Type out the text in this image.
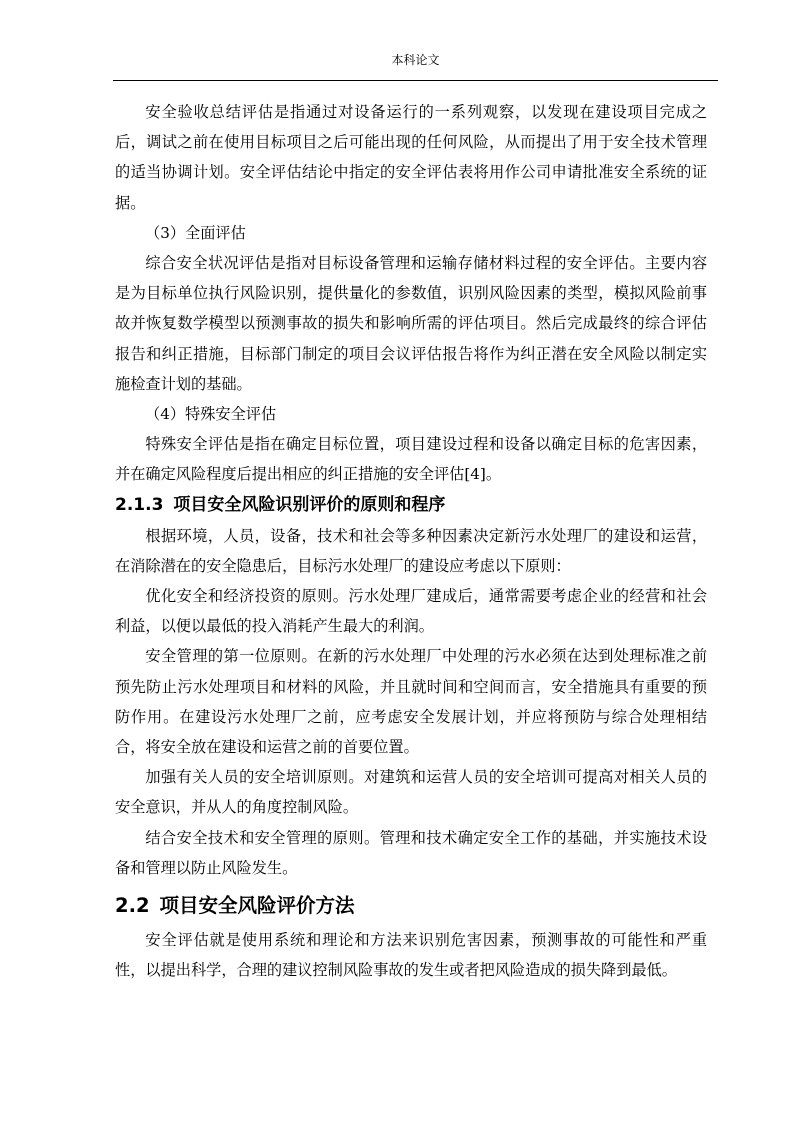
本科论文

安全验收总结评估是指通过对设备运行的一系列观察，以发现在建设项目完成之后，调试之前在使用目标项目之后可能出现的任何风险，从而提出了用于安全技术管理的适当协调计划。安全评估结论中指定的安全评估表将用作公司申请批准安全系统的证据。

（3）全面评估

综合安全状况评估是指对目标设备管理和运输存储材料过程的安全评估。主要内容是为目标单位执行风险识别，提供量化的参数值，识别风险因素的类型，模拟风险前事故并恢复数学模型以预测事故的损失和影响所需的评估项目。然后完成最终的综合评估报告和纠正措施，目标部门制定的项目会议评估报告将作为纠正潜在安全风险以制定实施检查计划的基础。

（4）特殊安全评估

特殊安全评估是指在确定目标位置，项目建设过程和设备以确定目标的危害因素，并在确定风险程度后提出相应的纠正措施的安全评估[4]。

2.1.3 项目安全风险识别评价的原则和程序

根据环境，人员，设备，技术和社会等多种因素决定新污水处理厂的建设和运营，在消除潜在的安全隐患后，目标污水处理厂的建设应考虑以下原则：

优化安全和经济投资的原则。污水处理厂建成后，通常需要考虑企业的经营和社会利益，以便以最低的投入消耗产生最大的利润。

安全管理的第一位原则。在新的污水处理厂中处理的污水必须在达到处理标准之前预先防止污水处理项目和材料的风险，并且就时间和空间而言，安全措施具有重要的预防作用。在建设污水处理厂之前，应考虑安全发展计划，并应将预防与综合处理相结合，将安全放在建设和运营之前的首要位置。

加强有关人员的安全培训原则。对建筑和运营人员的安全培训可提高对相关人员的安全意识，并从人的角度控制风险。

结合安全技术和安全管理的原则。管理和技术确定安全工作的基础，并实施技术设备和管理以防止风险发生。

2.2 项目安全风险评价方法

安全评估就是使用系统和理论和方法来识别危害因素，预测事故的可能性和严重性，以提出科学，合理的建议控制风险事故的发生或者把风险造成的损失降到最低。
